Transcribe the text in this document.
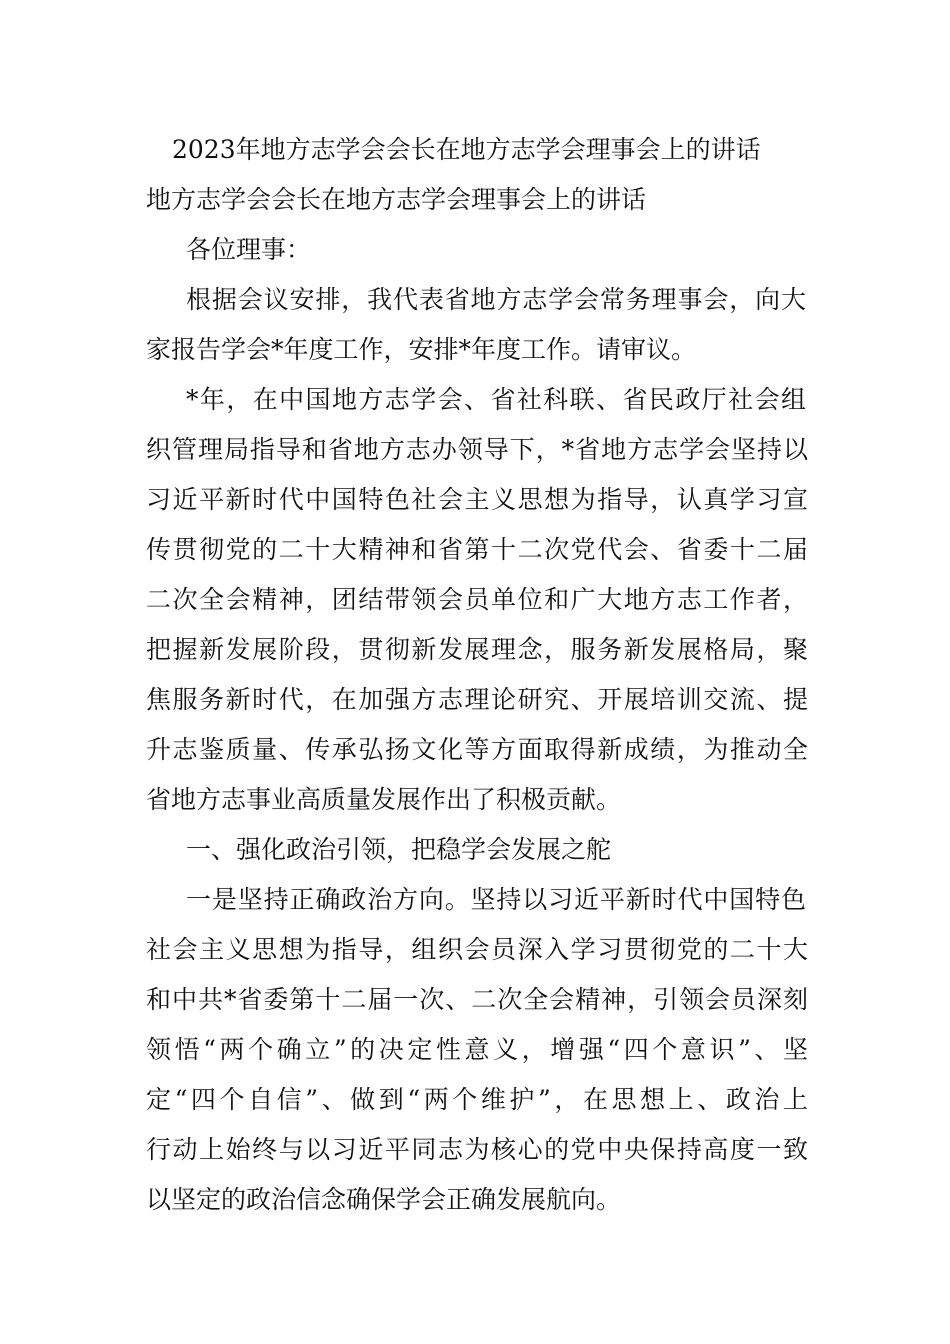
2023年地方志学会会长在地方志学会理事会上的讲话
地方志学会会长在地方志学会理事会上的讲话
各位理事：
根据会议安排，我代表省地方志学会常务理事会，向大
家报告学会*年度工作，安排*年度工作。请审议。
*年，在中国地方志学会、省社科联、省民政厅社会组
织管理局指导和省地方志办领导下，*省地方志学会坚持以
习近平新时代中国特色社会主义思想为指导，认真学习宣
传贯彻党的二十大精神和省第十二次党代会、省委十二届
二次全会精神，团结带领会员单位和广大地方志工作者，
把握新发展阶段，贯彻新发展理念，服务新发展格局，聚
焦服务新时代，在加强方志理论研究、开展培训交流、提
升志鉴质量、传承弘扬文化等方面取得新成绩，为推动全
省地方志事业高质量发展作出了积极贡献。
一、强化政治引领，把稳学会发展之舵
一是坚持正确政治方向。坚持以习近平新时代中国特色
社会主义思想为指导，组织会员深入学习贯彻党的二十大
和中共*省委第十二届一次、二次全会精神，引领会员深刻
领悟“两个确立”的决定性意义，增强“四个意识”、坚
定“四个自信”、做到“两个维护”，在思想上、政治上
行动上始终与以习近平同志为核心的党中央保持高度一致
以坚定的政治信念确保学会正确发展航向。
